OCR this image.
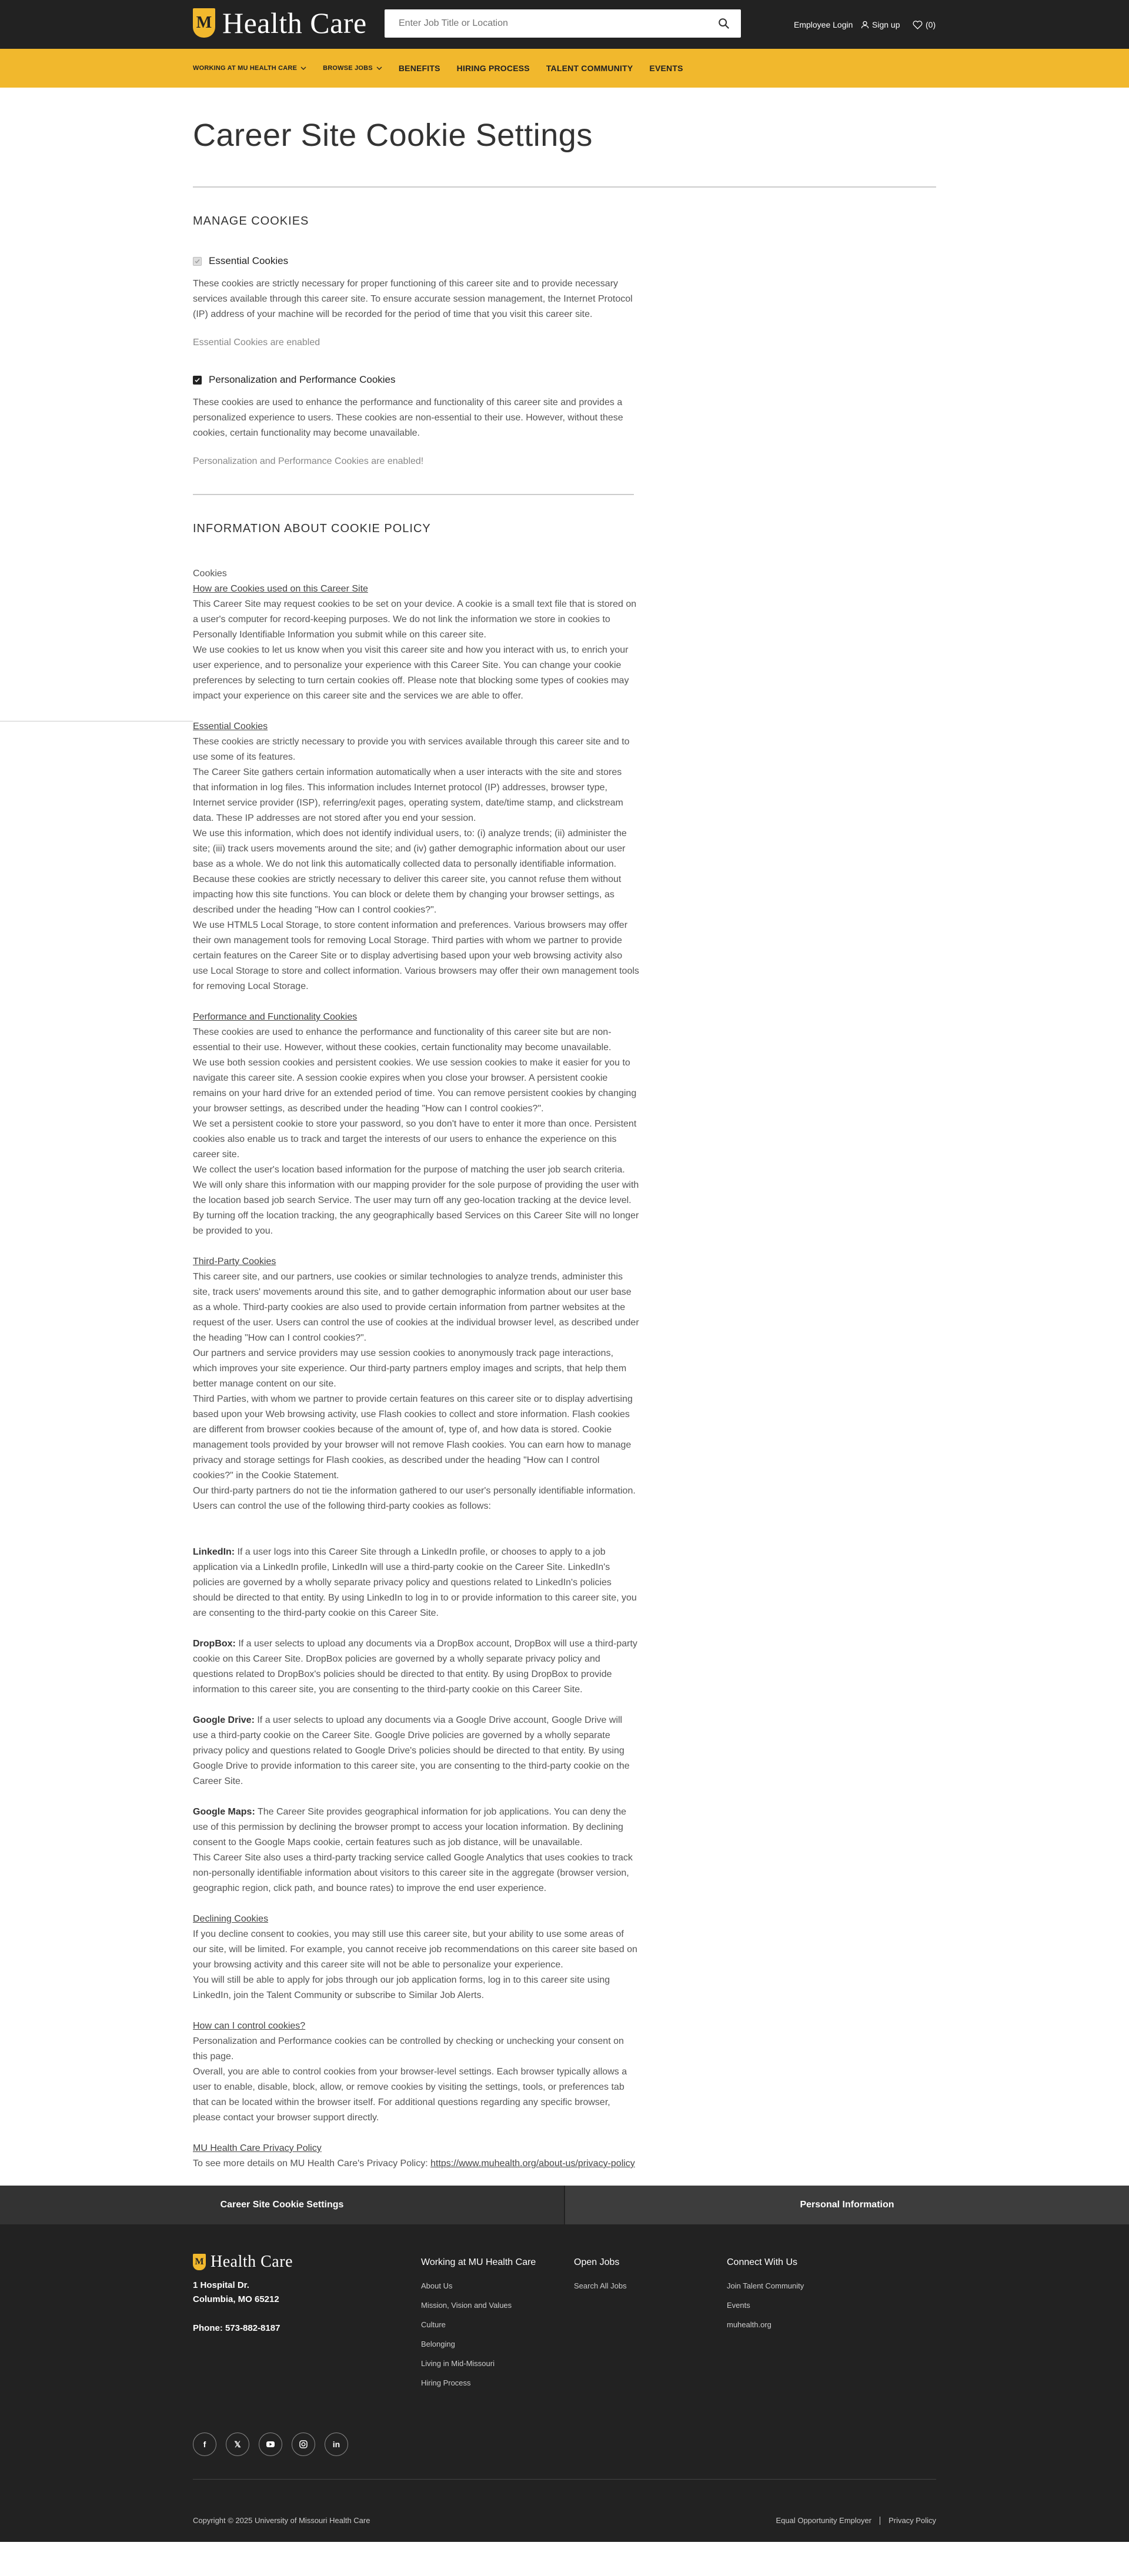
M Health Care
Enter Job Title or Location	Employee Login Sign up	(0)
WORKING AT MU HEALTH CARE	BROWSE JOBS	BENEFITS HIRING PROCESS TALENT COMMUNITY EVENTS
Career Site Cookie Settings
MANAGE COOKIES
Essential Cookies
These cookies are strictly necessary for proper functioning of this career site and to provide necessary services available through this career site. To ensure accurate session management, the Internet Protocol (IP) address of your machine will be recorded for the period of time that you visit this career site.
Essential Cookies are enabled
Personalization and Performance Cookies
These cookies are used to enhance the performance and functionality of this career site and provides a personalized experience to users. These cookies are non-essential to their use. However, without these cookies, certain functionality may become unavailable.
Personalization and Performance Cookies are enabled!
INFORMATION ABOUT COOKIE POLICY

Cookies

How are Cookies used on this Career Site

This Career Site may request cookies to be set on your device. A cookie is a small text file that is stored on a user's computer for record-keeping purposes. We do not link the information we store in cookies to Personally Identifiable Information you submit while on this career site.

We use cookies to let us know when you visit this career site and how you interact with us, to enrich your user experience, and to personalize your experience with this Career Site. You can change your cookie preferences by selecting to turn certain cookies off. Please note that blocking some types of cookies may impact your experience on this career site and the services we are able to offer.

Essential Cookies

These cookies are strictly necessary to provide you with services available through this career site and to use some of its features.

The Career Site gathers certain information automatically when a user interacts with the site and stores that information in log files. This information includes Internet protocol (IP) addresses, browser type, Internet service provider (ISP), referring/exit pages, operating system, date/time stamp, and clickstream data. These IP addresses are not stored after you end your session.

We use this information, which does not identify individual users, to: (i) analyze trends; (ii) administer the site; (iii) track users movements around the site; and (iv) gather demographic information about our user base as a whole. We do not link this automatically collected data to personally identifiable information.

Because these cookies are strictly necessary to deliver this career site, you cannot refuse them without impacting how this site functions. You can block or delete them by changing your browser settings, as described under the heading "How can I control cookies?".

We use HTML5 Local Storage, to store content information and preferences. Various browsers may offer their own management tools for removing Local Storage. Third parties with whom we partner to provide certain features on the Career Site or to display advertising based upon your web browsing activity also use Local Storage to store and collect information. Various browsers may offer their own management tools for removing Local Storage.

Performance and Functionality Cookies

These cookies are used to enhance the performance and functionality of this career site but are non-essential to their use. However, without these cookies, certain functionality may become unavailable.

We use both session cookies and persistent cookies. We use session cookies to make it easier for you to navigate this career site. A session cookie expires when you close your browser. A persistent cookie remains on your hard drive for an extended period of time. You can remove persistent cookies by changing your browser settings, as described under the heading "How can I control cookies?".

We set a persistent cookie to store your password, so you don't have to enter it more than once. Persistent cookies also enable us to track and target the interests of our users to enhance the experience on this career site.

We collect the user's location based information for the purpose of matching the user job search criteria. We will only share this information with our mapping provider for the sole purpose of providing the user with the location based job search Service. The user may turn off any geo-location tracking at the device level. By turning off the location tracking, the any geographically based Services on this Career Site will no longer be provided to you.

Third-Party Cookies

This career site, and our partners, use cookies or similar technologies to analyze trends, administer this site, track users' movements around this site, and to gather demographic information about our user base as a whole. Third-party cookies are also used to provide certain information from partner websites at the request of the user. Users can control the use of cookies at the individual browser level, as described under the heading "How can I control cookies?".

Our partners and service providers may use session cookies to anonymously track page interactions, which improves your site experience. Our third-party partners employ images and scripts, that help them better manage content on our site.

Third Parties, with whom we partner to provide certain features on this career site or to display advertising based upon your Web browsing activity, use Flash cookies to collect and store information. Flash cookies are different from browser cookies because of the amount of, type of, and how data is stored. Cookie management tools provided by your browser will not remove Flash cookies. You can earn how to manage privacy and storage settings for Flash cookies, as described under the heading "How can I control cookies?" in the Cookie Statement.

Our third-party partners do not tie the information gathered to our user's personally identifiable information.

Users can control the use of the following third-party cookies as follows:

LinkedIn: If a user logs into this Career Site through a LinkedIn profile, or chooses to apply to a job application via a LinkedIn profile, LinkedIn will use a third-party cookie on the Career Site. LinkedIn's policies are governed by a wholly separate privacy policy and questions related to LinkedIn's policies should be directed to that entity. By using LinkedIn to log in to or provide information to this career site, you are consenting to the third-party cookie on this Career Site.

DropBox: If a user selects to upload any documents via a DropBox account, DropBox will use a third-party cookie on this Career Site. DropBox policies are governed by a wholly separate privacy policy and questions related to DropBox's policies should be directed to that entity. By using DropBox to provide information to this career site, you are consenting to the third-party cookie on this Career Site.

Google Drive: If a user selects to upload any documents via a Google Drive account, Google Drive will use a third-party cookie on the Career Site. Google Drive policies are governed by a wholly separate privacy policy and questions related to Google Drive's policies should be directed to that entity. By using Google Drive to provide information to this career site, you are consenting to the third-party cookie on the Career Site.

Google Maps: The Career Site provides geographical information for job applications. You can deny the use of this permission by declining the browser prompt to access your location information. By declining consent to the Google Maps cookie, certain features such as job distance, will be unavailable.

This Career Site also uses a third-party tracking service called Google Analytics that uses cookies to track non-personally identifiable information about visitors to this career site in the aggregate (browser version, geographic region, click path, and bounce rates) to improve the end user experience.

Declining Cookies

If you decline consent to cookies, you may still use this career site, but your ability to use some areas of our site, will be limited. For example, you cannot receive job recommendations on this career site based on your browsing activity and this career site will not be able to personalize your experience.

You will still be able to apply for jobs through our job application forms, log in to this career site using LinkedIn, join the Talent Community or subscribe to Similar Job Alerts.

How can I control cookies?

Personalization and Performance cookies can be controlled by checking or unchecking your consent on this page.

Overall, you are able to control cookies from your browser-level settings. Each browser typically allows a user to enable, disable, block, allow, or remove cookies by visiting the settings, tools, or preferences tab that can be located within the browser itself. For additional questions regarding any specific browser, please contact your browser support directly.

MU Health Care Privacy Policy

To see more details on MU Health Care's Privacy Policy: https://www.muhealth.org/about-us/privacy-policy

Career Site Cookie Settings	Personal Information
M Health Care
1 Hospital Dr.
Columbia, MO 65212
Phone: 573-882-8187
Working at MU Health Care
About Us
Mission, Vision and Values
Culture
Belonging
Living in Mid-Missouri
Hiring Process
Open Jobs
Search All Jobs
Connect With Us
Join Talent Community
Events
muhealth.org
f	𝕏	in
Copyright © 2025 University of Missouri Health Care	Equal Opportunity Employer Privacy Policy
